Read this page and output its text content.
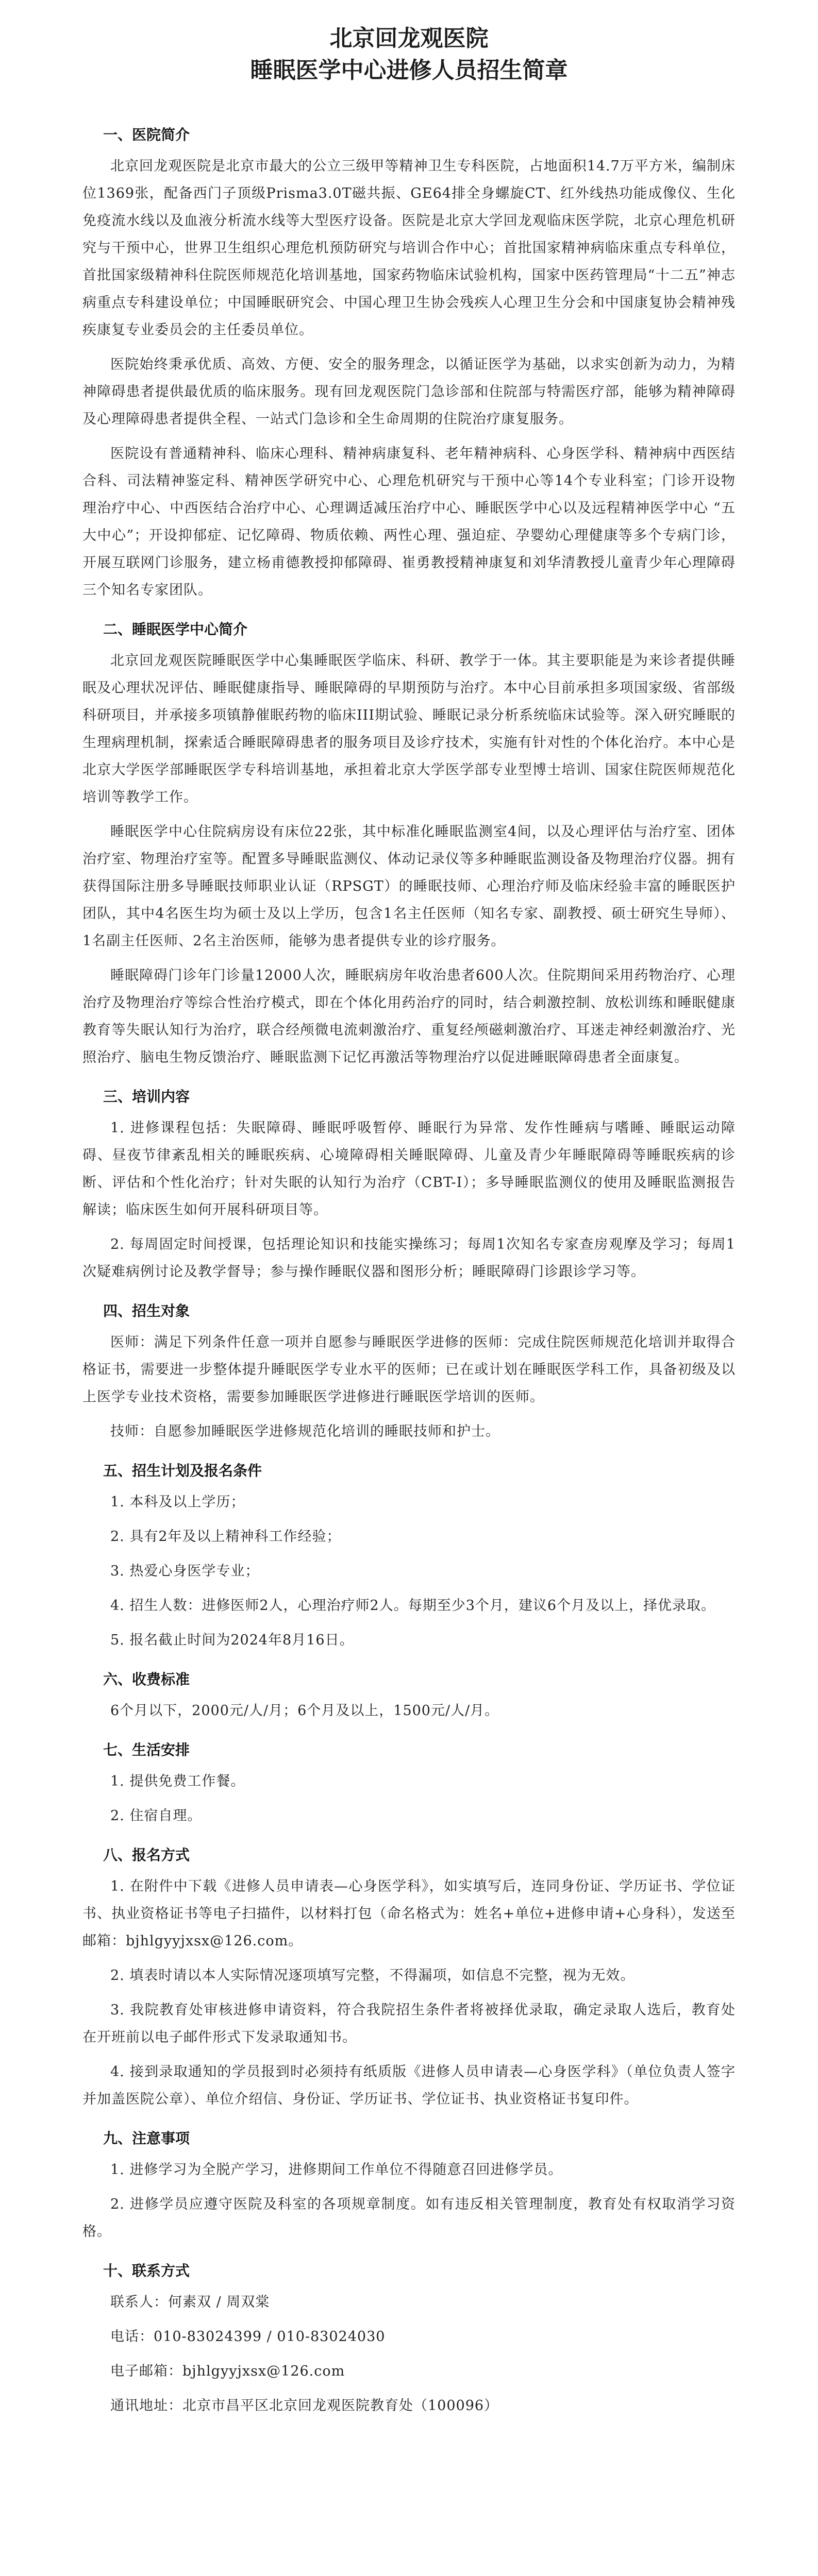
北京回龙观医院
睡眠医学中心进修人员招生简章
一、医院简介

北京回龙观医院是北京市最大的公立三级甲等精神卫生专科医院，占地面积14.7万平方米，编制床位1369张，配备西门子顶级Prisma3.0T磁共振、GE64排全身螺旋CT、红外线热功能成像仪、生化免疫流水线以及血液分析流水线等大型医疗设备。医院是北京大学回龙观临床医学院，北京心理危机研究与干预中心，世界卫生组织心理危机预防研究与培训合作中心；首批国家精神病临床重点专科单位，首批国家级精神科住院医师规范化培训基地，国家药物临床试验机构，国家中医药管理局“十二五”神志病重点专科建设单位；中国睡眠研究会、中国心理卫生协会残疾人心理卫生分会和中国康复协会精神残疾康复专业委员会的主任委员单位。

医院始终秉承优质、高效、方便、安全的服务理念，以循证医学为基础，以求实创新为动力，为精神障碍患者提供最优质的临床服务。现有回龙观医院门急诊部和住院部与特需医疗部，能够为精神障碍及心理障碍患者提供全程、一站式门急诊和全生命周期的住院治疗康复服务。

医院设有普通精神科、临床心理科、精神病康复科、老年精神病科、心身医学科、精神病中西医结合科、司法精神鉴定科、精神医学研究中心、心理危机研究与干预中心等14个专业科室；门诊开设物理治疗中心、中西医结合治疗中心、心理调适减压治疗中心、睡眠医学中心以及远程精神医学中心 “五大中心”；开设抑郁症、记忆障碍、物质依赖、两性心理、强迫症、孕婴幼心理健康等多个专病门诊，开展互联网门诊服务，建立杨甫德教授抑郁障碍、崔勇教授精神康复和刘华清教授儿童青少年心理障碍三个知名专家团队。

二、睡眠医学中心简介

北京回龙观医院睡眠医学中心集睡眠医学临床、科研、教学于一体。其主要职能是为来诊者提供睡眠及心理状况评估、睡眠健康指导、睡眠障碍的早期预防与治疗。本中心目前承担多项国家级、省部级科研项目，并承接多项镇静催眠药物的临床III期试验、睡眠记录分析系统临床试验等。深入研究睡眠的生理病理机制，探索适合睡眠障碍患者的服务项目及诊疗技术，实施有针对性的个体化治疗。本中心是北京大学医学部睡眠医学专科培训基地，承担着北京大学医学部专业型博士培训、国家住院医师规范化培训等教学工作。

睡眠医学中心住院病房设有床位22张，其中标准化睡眠监测室4间，以及心理评估与治疗室、团体治疗室、物理治疗室等。配置多导睡眠监测仪、体动记录仪等多种睡眠监测设备及物理治疗仪器。拥有获得国际注册多导睡眠技师职业认证（RPSGT）的睡眠技师、心理治疗师及临床经验丰富的睡眠医护团队，其中4名医生均为硕士及以上学历，包含1名主任医师（知名专家、副教授、硕士研究生导师）、1名副主任医师、2名主治医师，能够为患者提供专业的诊疗服务。

睡眠障碍门诊年门诊量12000人次，睡眠病房年收治患者600人次。住院期间采用药物治疗、心理治疗及物理治疗等综合性治疗模式，即在个体化用药治疗的同时，结合刺激控制、放松训练和睡眠健康教育等失眠认知行为治疗，联合经颅微电流刺激治疗、重复经颅磁刺激治疗、耳迷走神经刺激治疗、光照治疗、脑电生物反馈治疗、睡眠监测下记忆再激活等物理治疗以促进睡眠障碍患者全面康复。

三、培训内容

1. 进修课程包括：失眠障碍、睡眠呼吸暂停、睡眠行为异常、发作性睡病与嗜睡、睡眠运动障碍、昼夜节律紊乱相关的睡眠疾病、心境障碍相关睡眠障碍、儿童及青少年睡眠障碍等睡眠疾病的诊断、评估和个性化治疗；针对失眠的认知行为治疗（CBT-I）；多导睡眠监测仪的使用及睡眠监测报告解读；临床医生如何开展科研项目等。

2. 每周固定时间授课，包括理论知识和技能实操练习；每周1次知名专家查房观摩及学习；每周1次疑难病例讨论及教学督导；参与操作睡眠仪器和图形分析；睡眠障碍门诊跟诊学习等。

四、招生对象

医师：满足下列条件任意一项并自愿参与睡眠医学进修的医师：完成住院医师规范化培训并取得合格证书，需要进一步整体提升睡眠医学专业水平的医师；已在或计划在睡眠医学科工作，具备初级及以上医学专业技术资格，需要参加睡眠医学进修进行睡眠医学培训的医师。

技师：自愿参加睡眠医学进修规范化培训的睡眠技师和护士。

五、招生计划及报名条件
1. 本科及以上学历；
2. 具有2年及以上精神科工作经验；
3. 热爱心身医学专业；

4. 招生人数：进修医师2人，心理治疗师2人。每期至少3个月，建议6个月及以上，择优录取。

5. 报名截止时间为2024年8月16日。

六、收费标准
6个月以下，2000元/人/月；6个月及以上，1500元/人/月。
七、生活安排
1. 提供免费工作餐。
2. 住宿自理。
八、报名方式

1. 在附件中下载《进修人员申请表—心身医学科》，如实填写后，连同身份证、学历证书、学位证书、执业资格证书等电子扫描件，以材料打包（命名格式为：姓名+单位+进修申请+心身科），发送至邮箱：bjhlgyyjxsx@126.com。

2. 填表时请以本人实际情况逐项填写完整，不得漏项，如信息不完整，视为无效。

3. 我院教育处审核进修申请资料，符合我院招生条件者将被择优录取，确定录取人选后，教育处在开班前以电子邮件形式下发录取通知书。

4. 接到录取通知的学员报到时必须持有纸质版《进修人员申请表—心身医学科》（单位负责人签字并加盖医院公章）、单位介绍信、身份证、学历证书、学位证书、执业资格证书复印件。

九、注意事项

1. 进修学习为全脱产学习，进修期间工作单位不得随意召回进修学员。

2. 进修学员应遵守医院及科室的各项规章制度。如有违反相关管理制度，教育处有权取消学习资格。

十、联系方式
联系人：何素双 / 周双棠
电话：010-83024399 / 010-83024030
电子邮箱：bjhlgyyjxsx@126.com
通讯地址：北京市昌平区北京回龙观医院教育处（100096）
